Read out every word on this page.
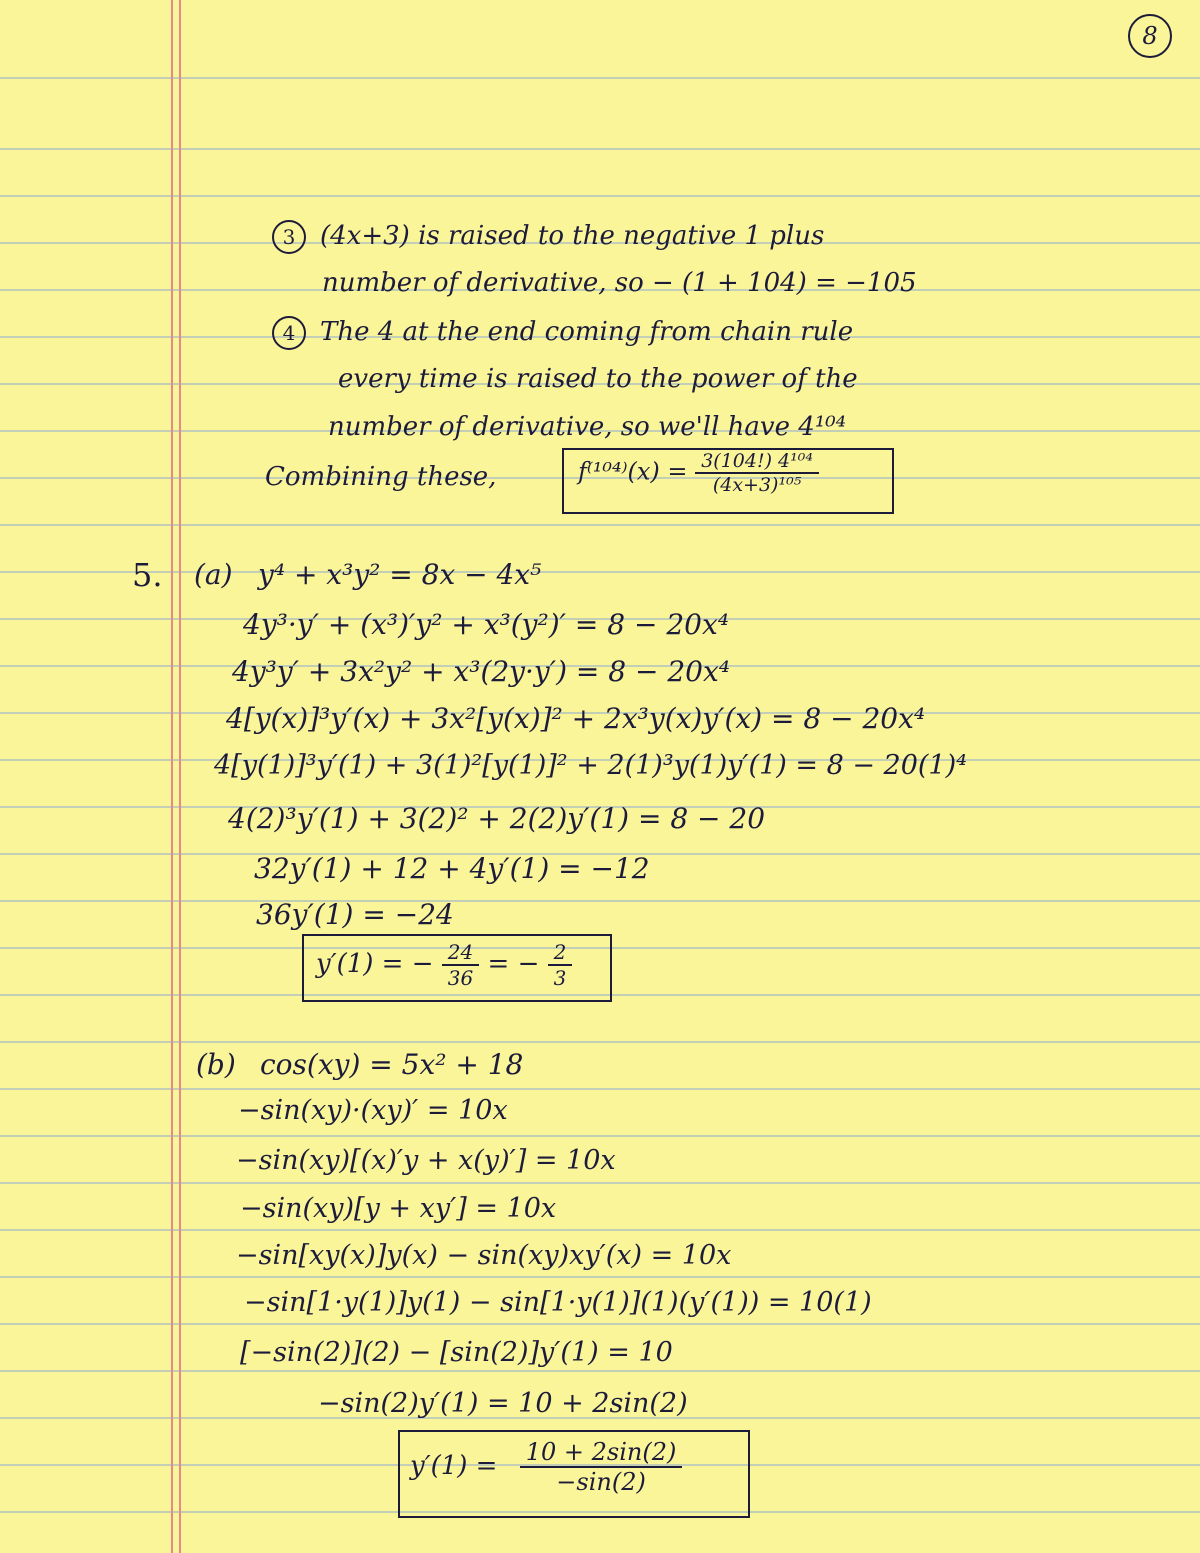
8
3 (4x+3) is raised to the negative 1 plus
number of derivative, so − (1 + 104) = −105
4 The 4 at the end coming from chain rule
every time is raised to the power of the
number of derivative, so we'll have 4¹⁰⁴
Combining these,	$f^{(104)}(x) = \frac{\text{3(104!) 4¹⁰⁴}}{\text{(4x+3)¹⁰⁵}}$
5. (a) y⁴ + x³y² = 8x − 4x⁵
4y³·y′ + (x³)′y² + x³(y²)′ = 8 − 20x⁴
4y³y′ + 3x²y² + x³(2y·y′) = 8 − 20x⁴
4[y(x)]³y′(x) + 3x²[y(x)]² + 2x³y(x)y′(x) = 8 − 20x⁴
4[y(1)]³y′(1) + 3(1)²[y(1)]² + 2(1)³y(1)y′(1) = 8 − 20(1)⁴
4(2)³y′(1) + 3(2)² + 2(2)y′(1) = 8 − 20
32y′(1) + 12 + 4y′(1) = −12
36y′(1) = −24
y′(1) = − $\frac{24}{36}$ = − $\frac{2}{3}$
(b) cos(xy) = 5x² + 18
−sin(xy)·(xy)′ = 10x
−sin(xy)[(x)′y + x(y)′] = 10x
−sin(xy)[y + xy′] = 10x
−sin[xy(x)]y(x) − sin(xy)xy′(x) = 10x
−sin[1·y(1)]y(1) − sin[1·y(1)](1)(y′(1)) = 10(1)
[−sin(2)](2) − [sin(2)]y′(1) = 10
−sin(2)y′(1) = 10 + 2sin(2)
$y'(1) = \frac{10 + 2\sin(2)}{-\sin(2)}$
